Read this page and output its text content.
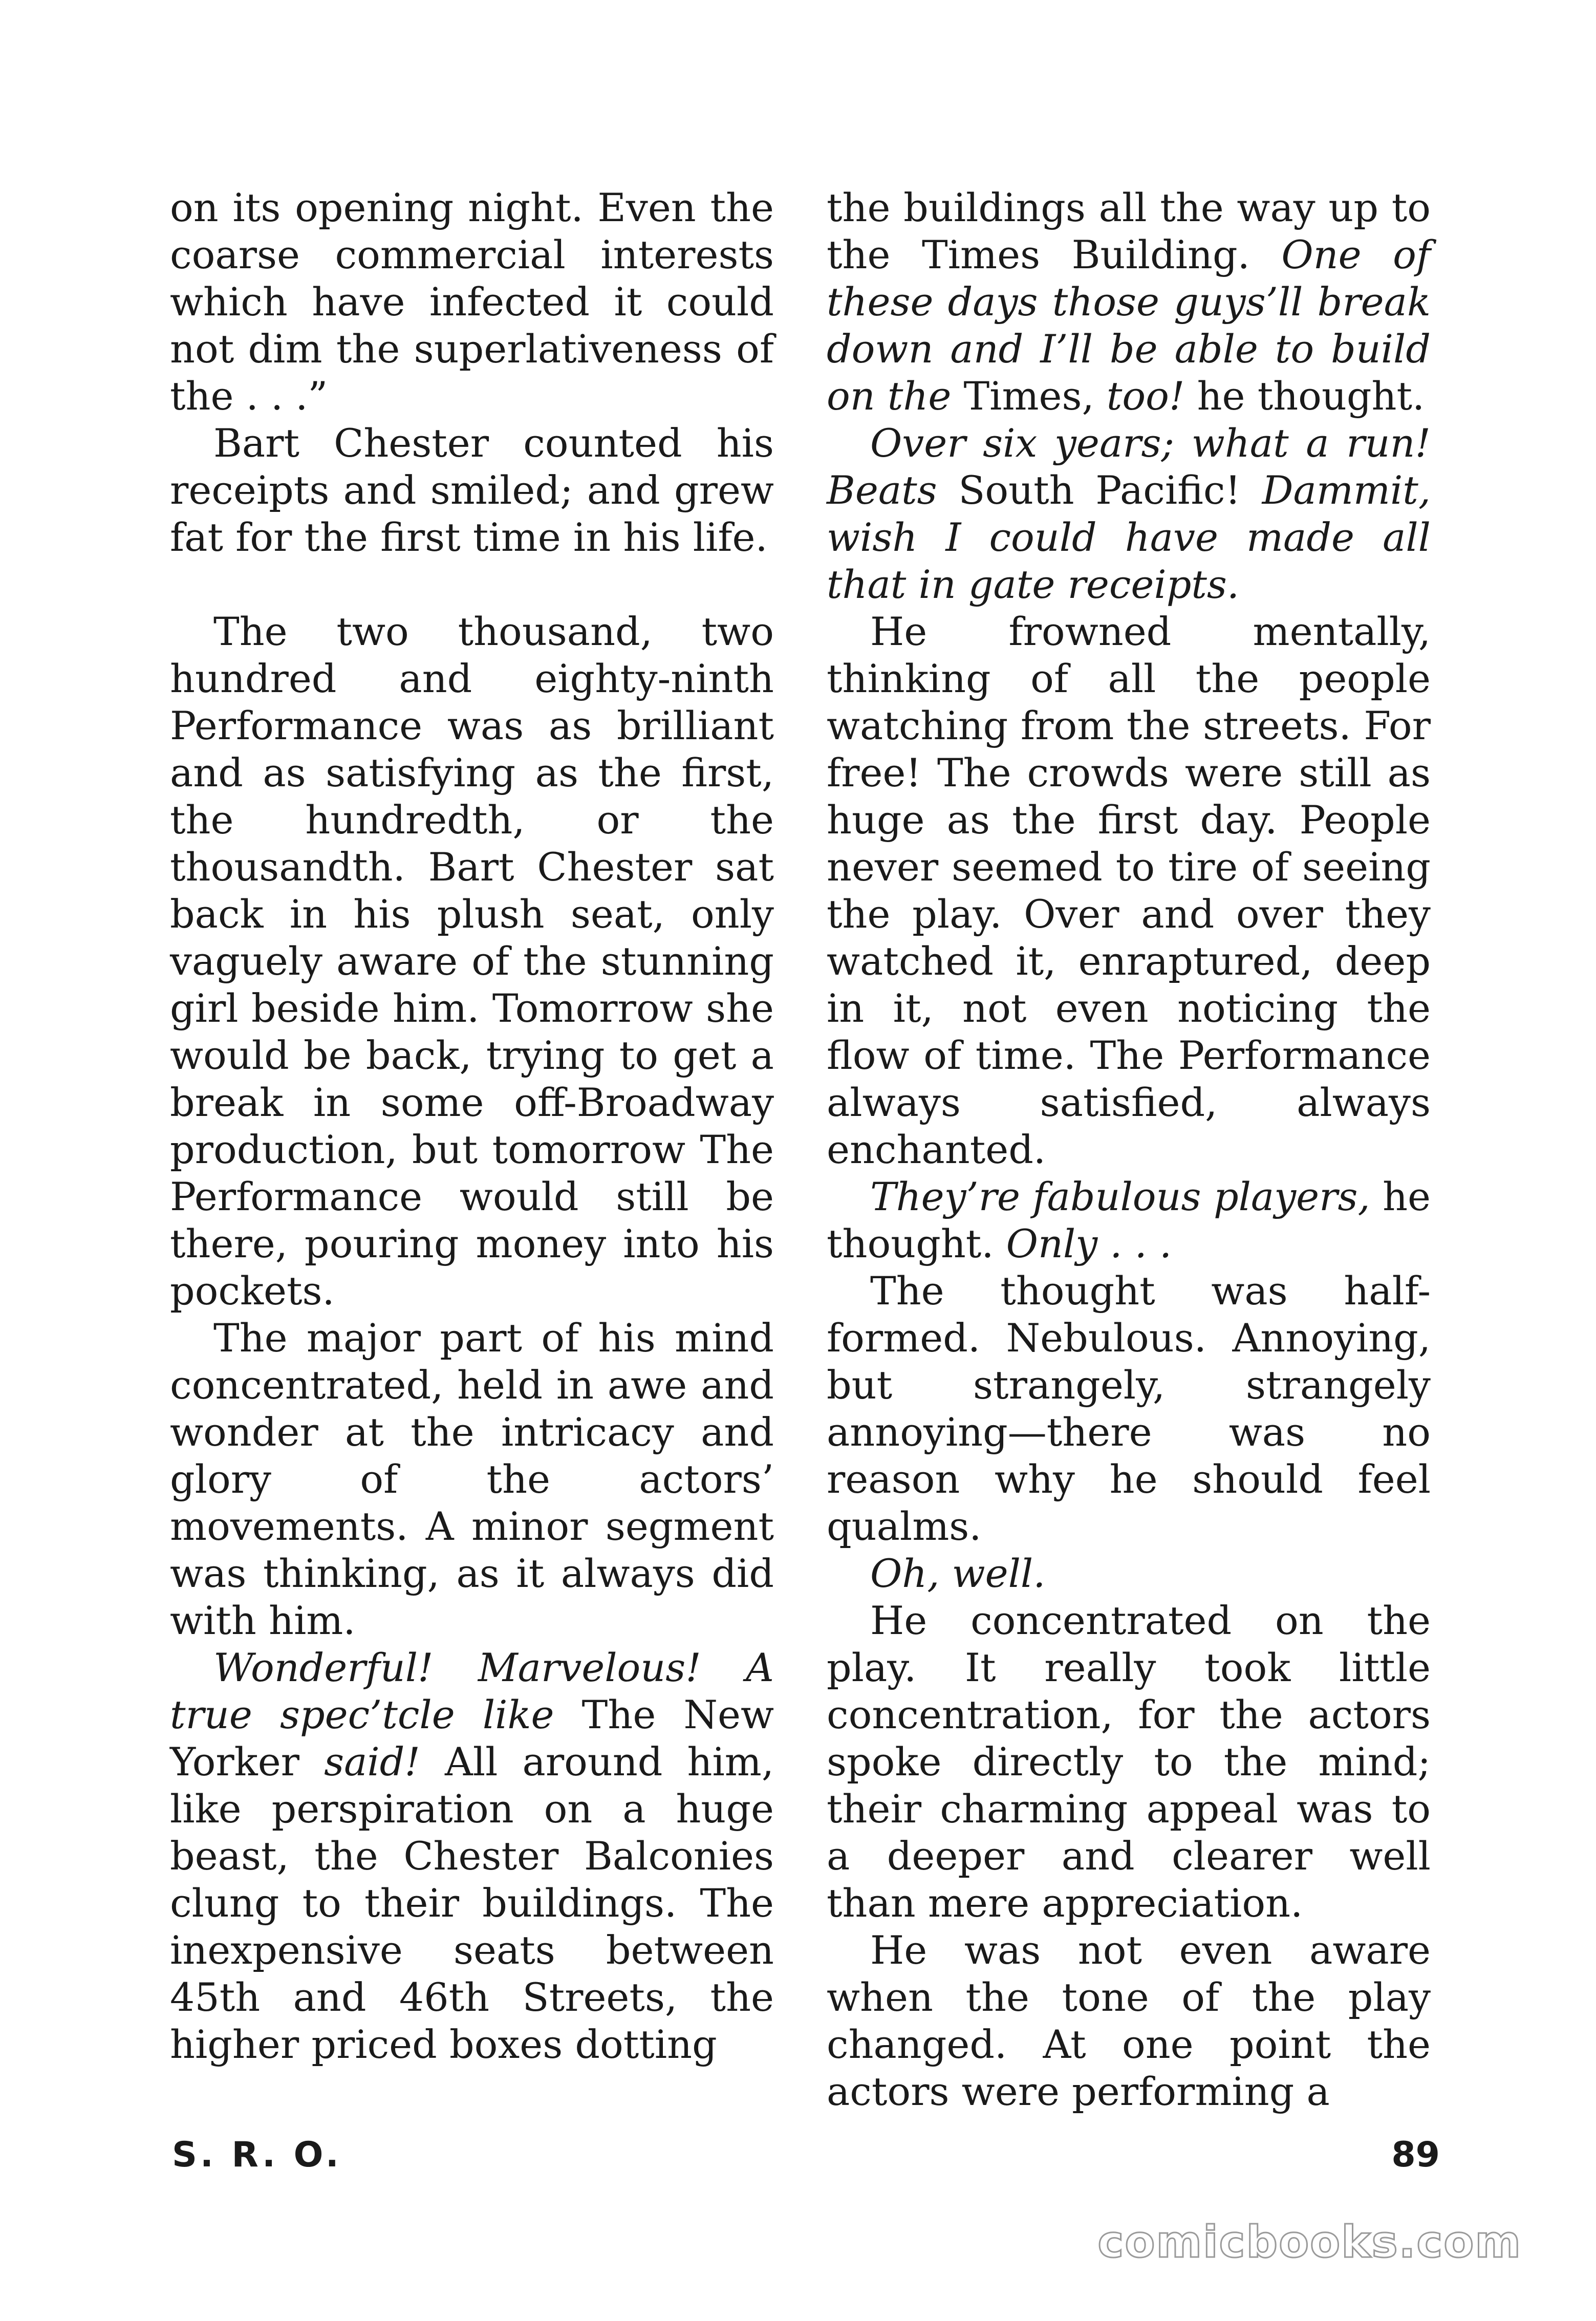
on its opening night. Even the coarse commercial interests which have infected it could not dim the superlativeness of the . . .”

Bart Chester counted his receipts and smiled; and grew fat for the first time in his life.

The two thousand, two hundred and eighty-ninth Performance was as brilliant and as satisfying as the first, the hundredth, or the thousandth. Bart Chester sat back in his plush seat, only vaguely aware of the stunning girl beside him. Tomorrow she would be back, trying to get a break in some off-Broadway production, but tomorrow The Performance would still be there, pouring money into his pockets.

The major part of his mind concentrated, held in awe and wonder at the intricacy and glory of the actors’ movements. A minor segment was thinking, as it always did with him.

Wonderful! Marvelous! A true spec’tcle like The New Yorker said! All around him, like perspiration on a huge beast, the Chester Balconies clung to their buildings. The inexpensive seats between 45th and 46th Streets, the higher priced boxes dotting

the buildings all the way up to the Times Building. One of these days those guys’ll break down and I’ll be able to build on the Times, too! he thought.

Over six years; what a run! Beats South Pacific! Dammit, wish I could have made all that in gate receipts.

He frowned mentally, thinking of all the people watching from the streets. For free! The crowds were still as huge as the first day. People never seemed to tire of seeing the play. Over and over they watched it, enraptured, deep in it, not even noticing the flow of time. The Performance always satisfied, always enchanted.

They’re fabulous players, he thought. Only . . .

The thought was half-formed. Nebulous. Annoying, but strangely, strangely annoying—there was no reason why he should feel qualms.

Oh, well.

He concentrated on the play. It really took little concentration, for the actors spoke directly to the mind; their charming appeal was to a deeper and clearer well than mere appreciation.

He was not even aware when the tone of the play changed. At one point the actors were performing a

S. R. O.	89
comicbooks.com
